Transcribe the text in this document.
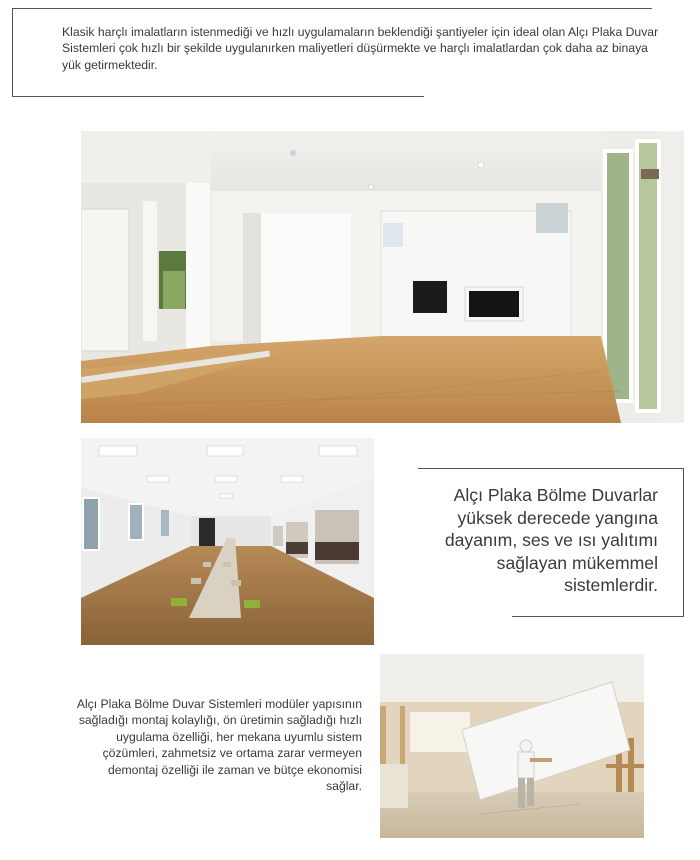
Klasik harçlı imalatların istenmediği ve hızlı uygulamaların beklendiği şantiyeler için ideal olan Alçı Plaka Duvar Sistemleri çok hızlı bir şekilde uygulanırken maliyetleri düşürmekte ve harçlı imalatlardan çok daha az binaya yük getirmektedir.
Alçı Plaka Bölme Duvarlar yüksek derecede yangına dayanım, ses ve ısı yalıtımı sağlayan mükemmel sistemlerdir.
Alçı Plaka Bölme Duvar Sistemleri modüler yapısının sağladığı montaj kolaylığı, ön üretimin sağladığı hızlı uygulama özelliği, her mekana uyumlu sistem çözümleri, zahmetsiz ve ortama zarar vermeyen demontaj özelliği ile zaman ve bütçe ekonomisi sağlar.
